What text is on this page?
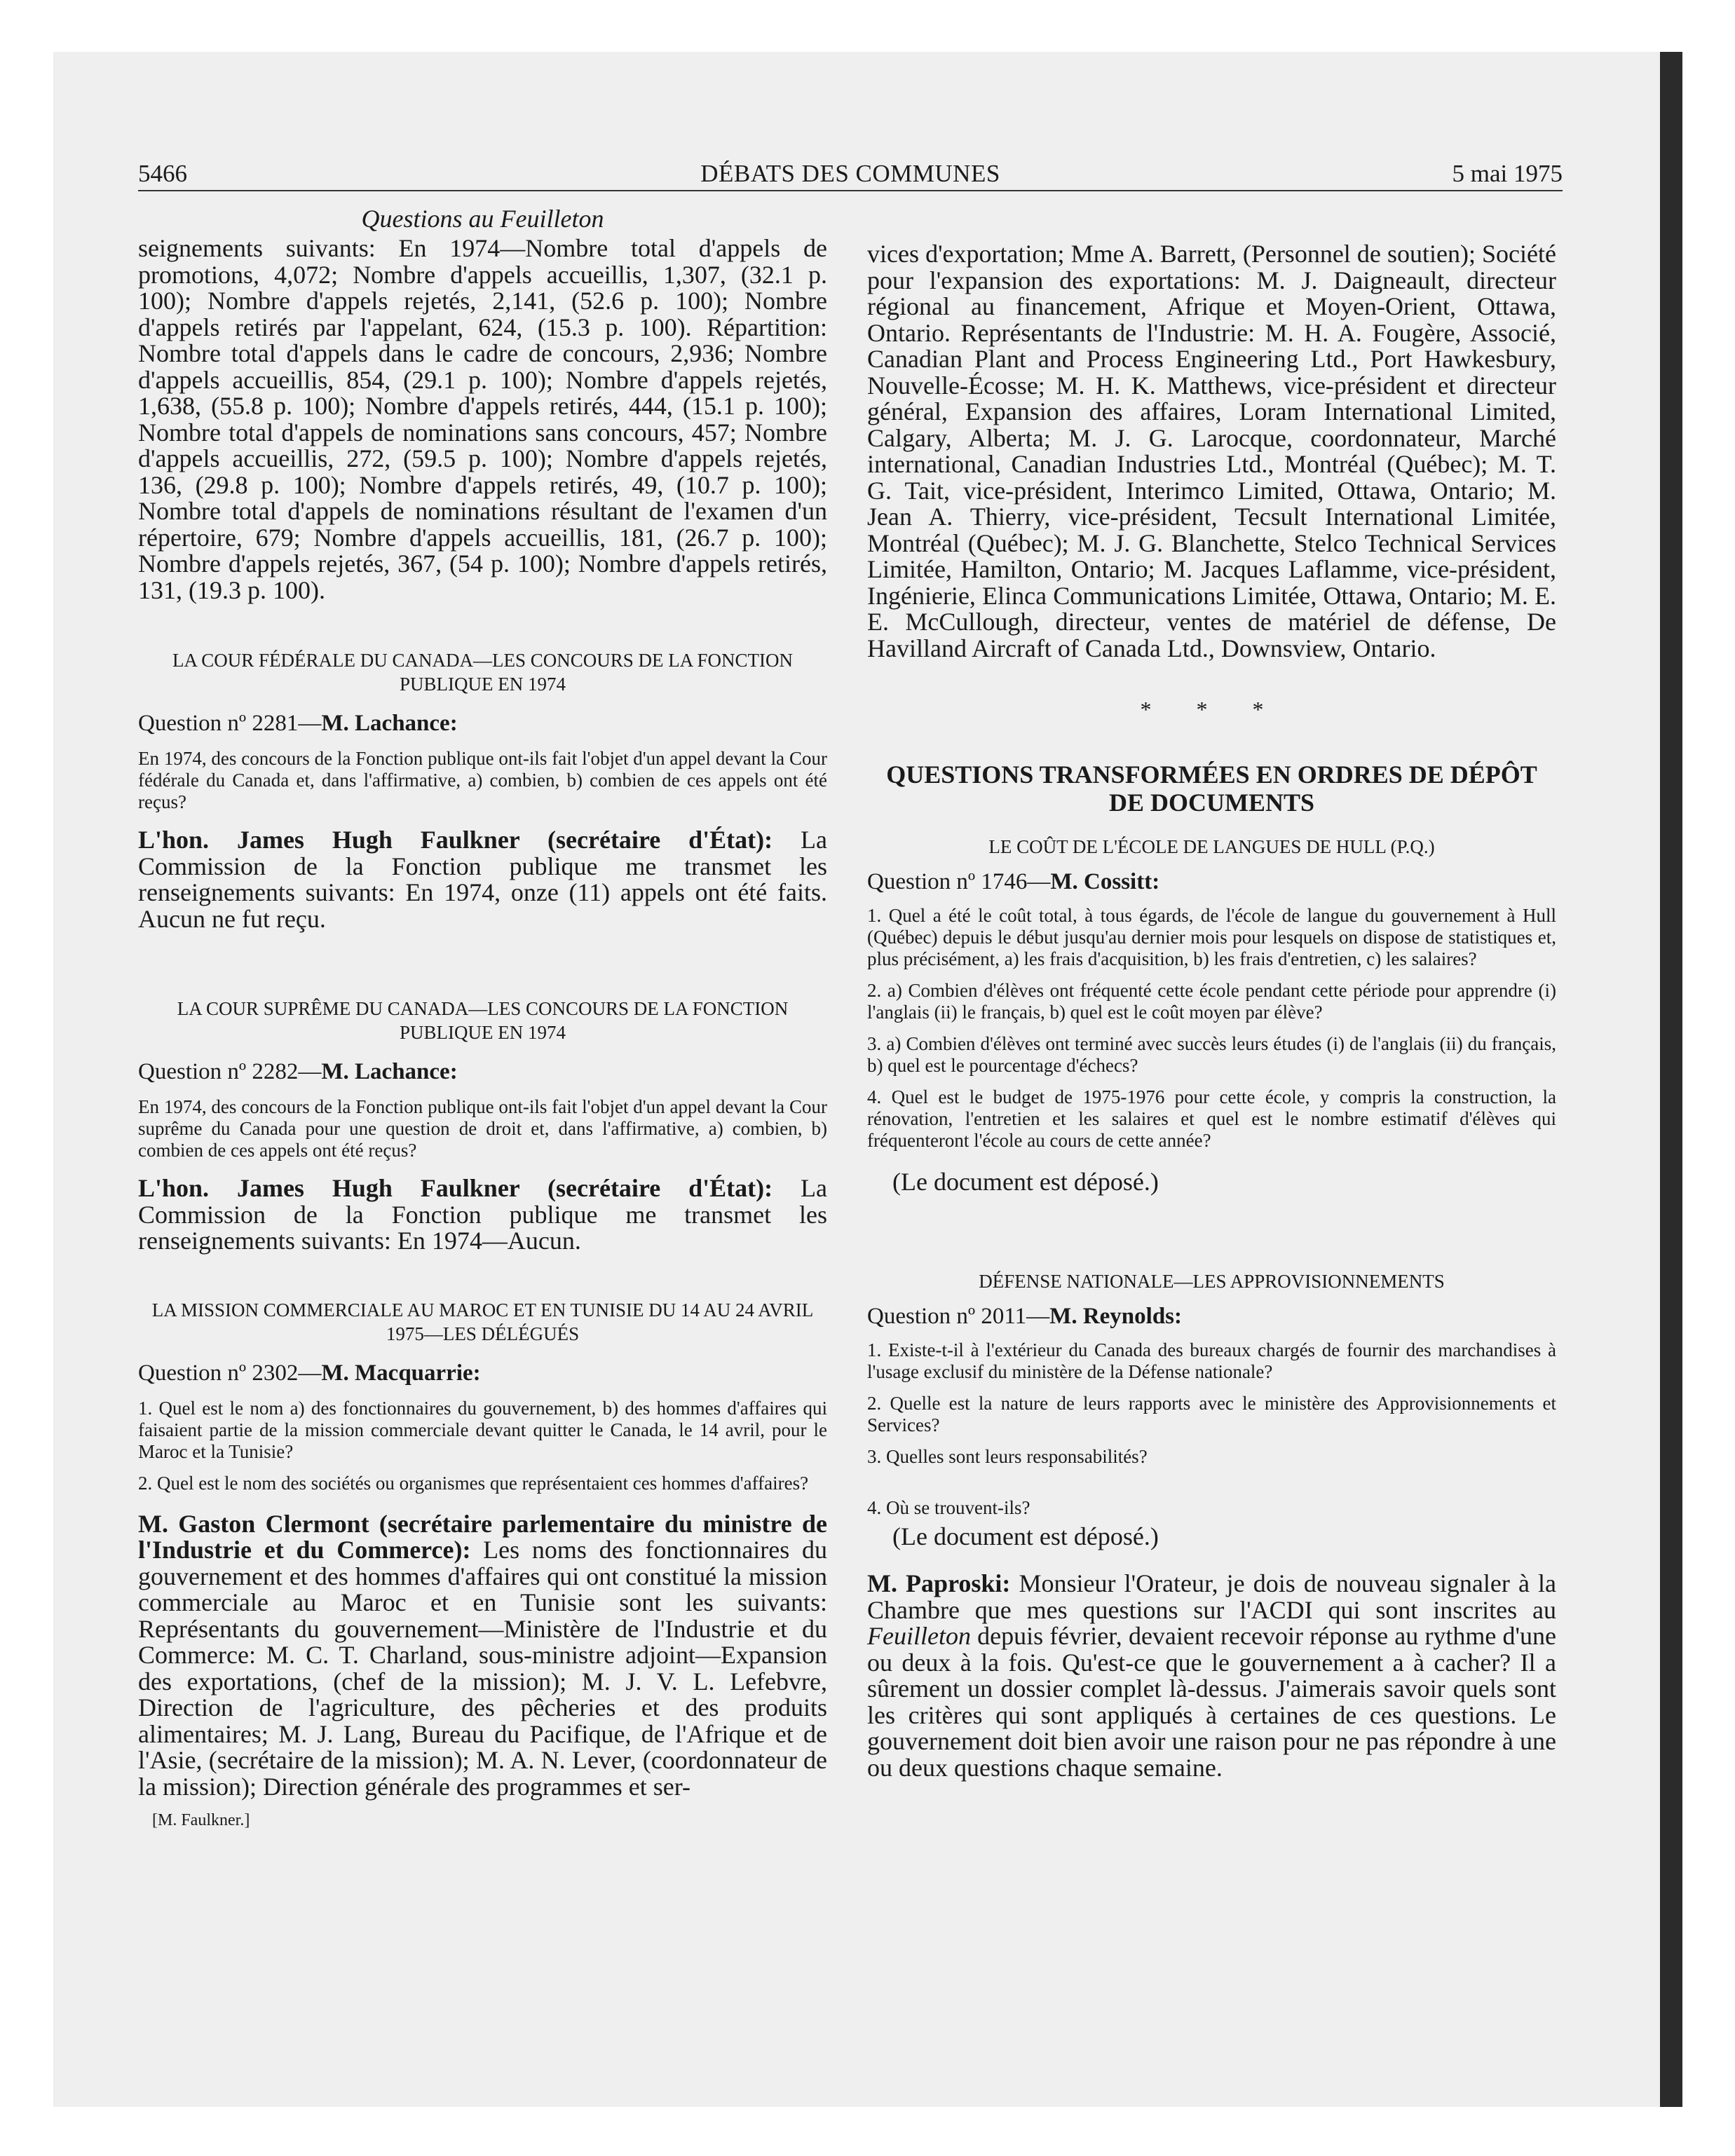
DÉBATS DES COMMUNES
5466	5 mai 1975

Questions au Feuilleton

seignements suivants: En 1974—Nombre total d'appels de promotions, 4,072; Nombre d'appels accueillis, 1,307, (32.1 p. 100); Nombre d'appels rejetés, 2,141, (52.6 p. 100); Nombre d'appels retirés par l'appelant, 624, (15.3 p. 100). Répartition: Nombre total d'appels dans le cadre de concours, 2,936; Nombre d'appels accueillis, 854, (29.1 p. 100); Nombre d'appels rejetés, 1,638, (55.8 p. 100); Nombre d'appels retirés, 444, (15.1 p. 100); Nombre total d'appels de nominations sans concours, 457; Nombre d'appels accueillis, 272, (59.5 p. 100); Nombre d'appels rejetés, 136, (29.8 p. 100); Nombre d'appels retirés, 49, (10.7 p. 100); Nombre total d'appels de nominations résultant de l'examen d'un répertoire, 679; Nombre d'appels accueillis, 181, (26.7 p. 100); Nombre d'appels rejetés, 367, (54 p. 100); Nombre d'appels retirés, 131, (19.3 p. 100).

LA COUR FÉDÉRALE DU CANADA—LES CONCOURS DE LA FONCTION PUBLIQUE EN 1974

Question nº 2281—M. Lachance:

En 1974, des concours de la Fonction publique ont-ils fait l'objet d'un appel devant la Cour fédérale du Canada et, dans l'affirmative, a) combien, b) combien de ces appels ont été reçus?

L'hon. James Hugh Faulkner (secrétaire d'État): La Commission de la Fonction publique me transmet les renseignements suivants: En 1974, onze (11) appels ont été faits. Aucun ne fut reçu.

LA COUR SUPRÊME DU CANADA—LES CONCOURS DE LA FONCTION PUBLIQUE EN 1974

Question nº 2282—M. Lachance:

En 1974, des concours de la Fonction publique ont-ils fait l'objet d'un appel devant la Cour suprême du Canada pour une question de droit et, dans l'affirmative, a) combien, b) combien de ces appels ont été reçus?

L'hon. James Hugh Faulkner (secrétaire d'État): La Commission de la Fonction publique me transmet les renseignements suivants: En 1974—Aucun.

LA MISSION COMMERCIALE AU MAROC ET EN TUNISIE DU 14 AU 24 AVRIL 1975—LES DÉLÉGUÉS

Question nº 2302—M. Macquarrie:

1. Quel est le nom a) des fonctionnaires du gouvernement, b) des hommes d'affaires qui faisaient partie de la mission commerciale devant quitter le Canada, le 14 avril, pour le Maroc et la Tunisie?

2. Quel est le nom des sociétés ou organismes que représentaient ces hommes d'affaires?

M. Gaston Clermont (secrétaire parlementaire du ministre de l'Industrie et du Commerce): Les noms des fonctionnaires du gouvernement et des hommes d'affaires qui ont constitué la mission commerciale au Maroc et en Tunisie sont les suivants: Représentants du gouvernement—Ministère de l'Industrie et du Commerce: M. C. T. Charland, sous-ministre adjoint—Expansion des exportations, (chef de la mission); M. J. V. L. Lefebvre, Direction de l'agriculture, des pêcheries et des produits alimentaires; M. J. Lang, Bureau du Pacifique, de l'Afrique et de l'Asie, (secrétaire de la mission); M. A. N. Lever, (coordonnateur de la mission); Direction générale des programmes et ser-

[M. Faulkner.]

vices d'exportation; Mme A. Barrett, (Personnel de soutien); Société pour l'expansion des exportations: M. J. Daigneault, directeur régional au financement, Afrique et Moyen-Orient, Ottawa, Ontario. Représentants de l'Industrie: M. H. A. Fougère, Associé, Canadian Plant and Process Engineering Ltd., Port Hawkesbury, Nouvelle-Écosse; M. H. K. Matthews, vice-président et directeur général, Expansion des affaires, Loram International Limited, Calgary, Alberta; M. J. G. Larocque, coordonnateur, Marché international, Canadian Industries Ltd., Montréal (Québec); M. T. G. Tait, vice-président, Interimco Limited, Ottawa, Ontario; M. Jean A. Thierry, vice-président, Tecsult International Limitée, Montréal (Québec); M. J. G. Blanchette, Stelco Technical Services Limitée, Hamilton, Ontario; M. Jacques Laflamme, vice-président, Ingénierie, Elinca Communications Limitée, Ottawa, Ontario; M. E. E. McCullough, directeur, ventes de matériel de défense, De Havilland Aircraft of Canada Ltd., Downsview, Ontario.

* * *

QUESTIONS TRANSFORMÉES EN ORDRES DE DÉPÔT DE DOCUMENTS

LE COÛT DE L'ÉCOLE DE LANGUES DE HULL (P.Q.)

Question nº 1746—M. Cossitt:

1. Quel a été le coût total, à tous égards, de l'école de langue du gouvernement à Hull (Québec) depuis le début jusqu'au dernier mois pour lesquels on dispose de statistiques et, plus précisément, a) les frais d'acquisition, b) les frais d'entretien, c) les salaires?

2. a) Combien d'élèves ont fréquenté cette école pendant cette période pour apprendre (i) l'anglais (ii) le français, b) quel est le coût moyen par élève?

3. a) Combien d'élèves ont terminé avec succès leurs études (i) de l'anglais (ii) du français, b) quel est le pourcentage d'échecs?

4. Quel est le budget de 1975-1976 pour cette école, y compris la construction, la rénovation, l'entretien et les salaires et quel est le nombre estimatif d'élèves qui fréquenteront l'école au cours de cette année?

(Le document est déposé.)

DÉFENSE NATIONALE—LES APPROVISIONNEMENTS

Question nº 2011—M. Reynolds:

1. Existe-t-il à l'extérieur du Canada des bureaux chargés de fournir des marchandises à l'usage exclusif du ministère de la Défense nationale?

2. Quelle est la nature de leurs rapports avec le ministère des Approvisionnements et Services?

3. Quelles sont leurs responsabilités?

4. Où se trouvent-ils?

(Le document est déposé.)

M. Paproski: Monsieur l'Orateur, je dois de nouveau signaler à la Chambre que mes questions sur l'ACDI qui sont inscrites au Feuilleton depuis février, devaient recevoir réponse au rythme d'une ou deux à la fois. Qu'est-ce que le gouvernement a à cacher? Il a sûrement un dossier complet là-dessus. J'aimerais savoir quels sont les critères qui sont appliqués à certaines de ces questions. Le gouvernement doit bien avoir une raison pour ne pas répondre à une ou deux questions chaque semaine.
